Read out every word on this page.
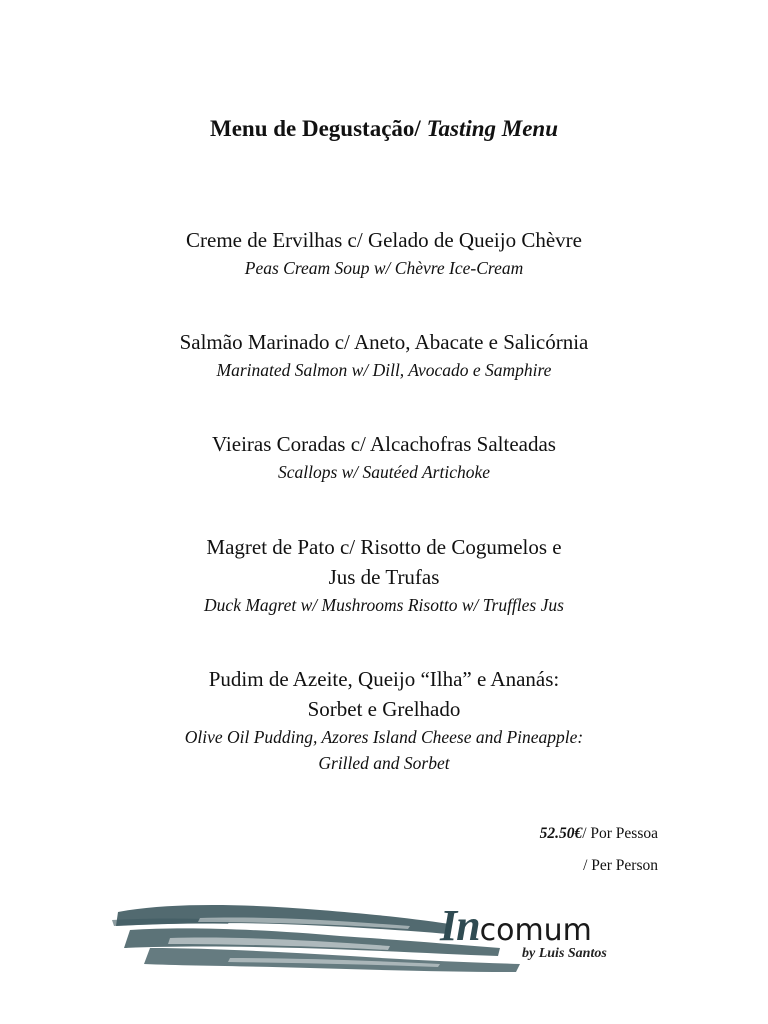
Menu de Degustação/ Tasting Menu
Creme de Ervilhas c/ Gelado de Queijo Chèvre
Peas Cream Soup w/ Chèvre Ice-Cream
Salmão Marinado c/ Aneto, Abacate e Salicórnia
Marinated Salmon w/ Dill, Avocado e Samphire
Vieiras Coradas c/ Alcachofras Salteadas
Scallops w/ Sautéed Artichoke
Magret de Pato c/ Risotto de Cogumelos e
Jus de Trufas
Duck Magret w/ Mushrooms Risotto w/ Truffles Jus
Pudim de Azeite, Queijo “Ilha” e Ananás:
Sorbet e Grelhado
Olive Oil Pudding, Azores Island Cheese and Pineapple:
Grilled and Sorbet
52.50€/ Por Pessoa
/ Per Person
Incomum
by Luis Santos
